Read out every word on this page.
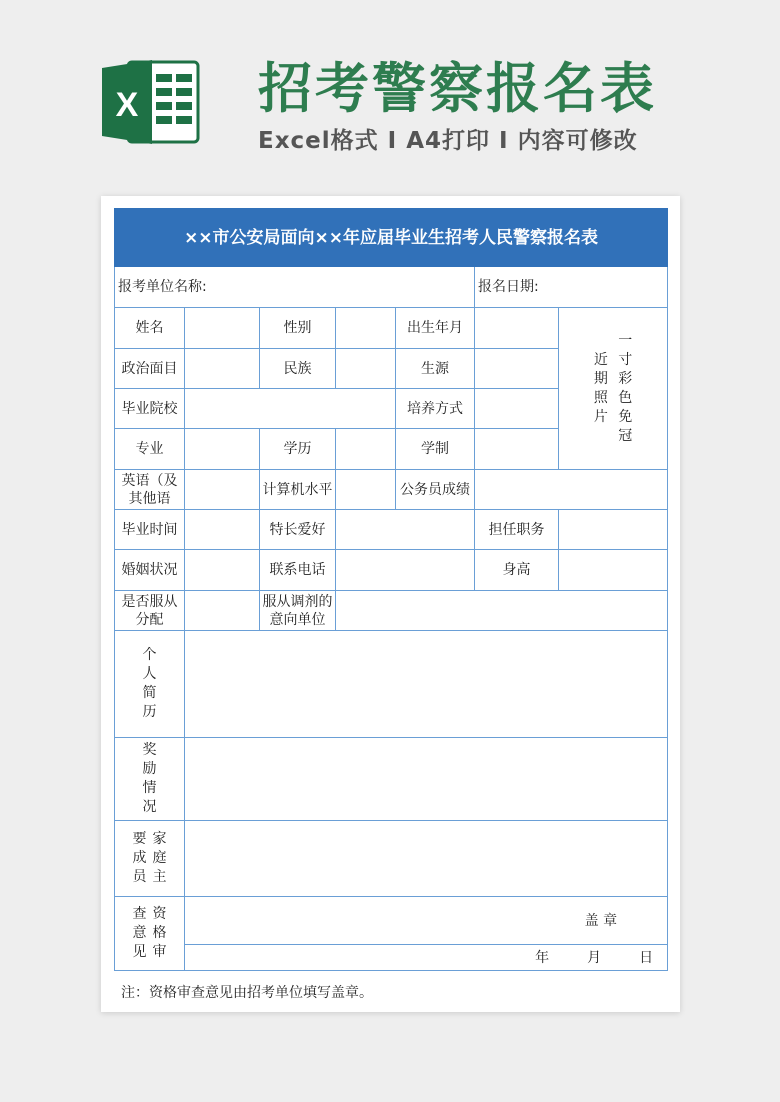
X 招考警察报名表
Excel格式 I A4打印 I 内容可修改
××市公安局面向××年应届毕业生招考人民警察报名表						
报考单位名称:					报名日期:	
姓名		性别		出生年月		近期照片 一寸彩色免冠
政治面目		民族		生源		
毕业院校				培养方式		
专业		学历		学制		
英语（及其他语		计算机水平		公务员成绩		
毕业时间		特长爱好			担任职务	
婚姻状况		联系电话			身高	
是否服从分配		服从调剂的意向单位				
个人简历						
奖励情况						
要成员家庭主						
查意见资格审	盖 章					

	年 月 日					
注：资格审查意见由招考单位填写盖章。
